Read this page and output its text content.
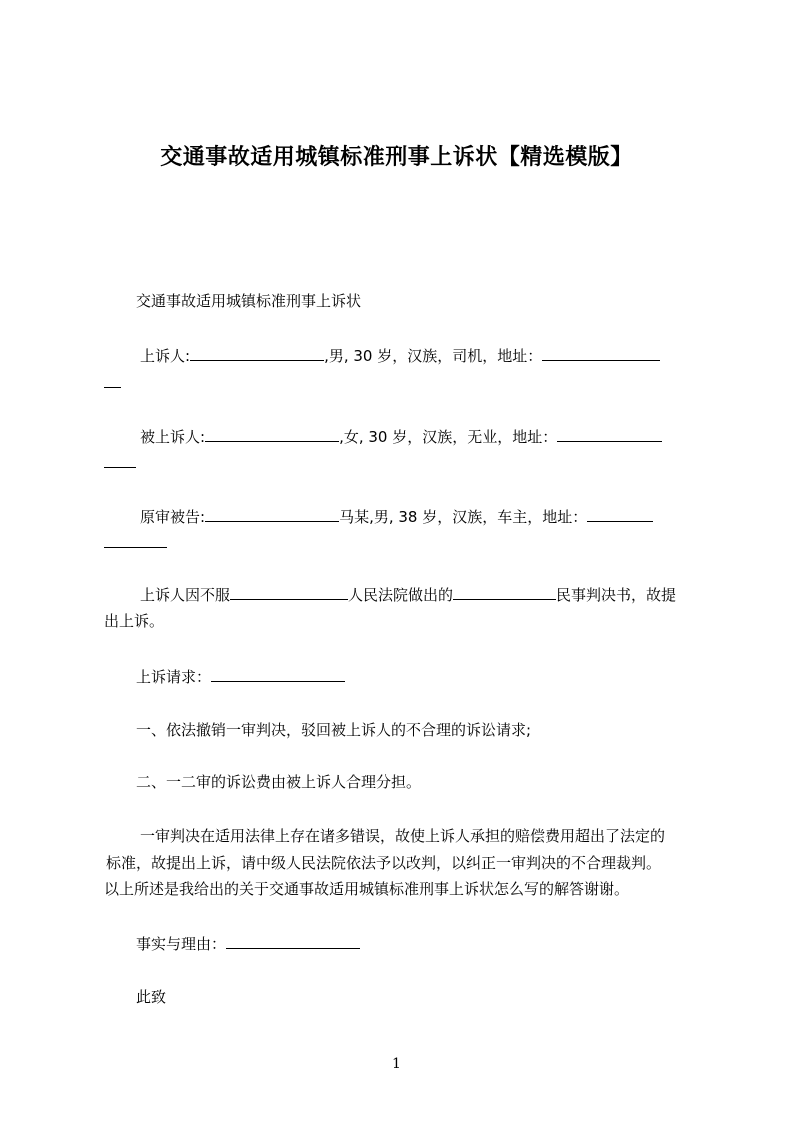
交通事故适用城镇标准刑事上诉状【精选模版】
交通事故适用城镇标准刑事上诉状
上诉人:	,男, 30 岁，汉族，司机，地址：
被上诉人:	,女, 30 岁，汉族，无业，地址：
原审被告:	马某,男, 38 岁，汉族，车主，地址：
上诉人因不服	人民法院做出的	民事判决书，故提
出上诉。
上诉请求：
一、依法撤销一审判决，驳回被上诉人的不合理的诉讼请求;
二、一二审的诉讼费由被上诉人合理分担。
一审判决在适用法律上存在诸多错误，故使上诉人承担的赔偿费用超出了法定的
标准，故提出上诉，请中级人民法院依法予以改判，以纠正一审判决的不合理裁判。
以上所述是我给出的关于交通事故适用城镇标准刑事上诉状怎么写的解答谢谢。
事实与理由：
此致
1
